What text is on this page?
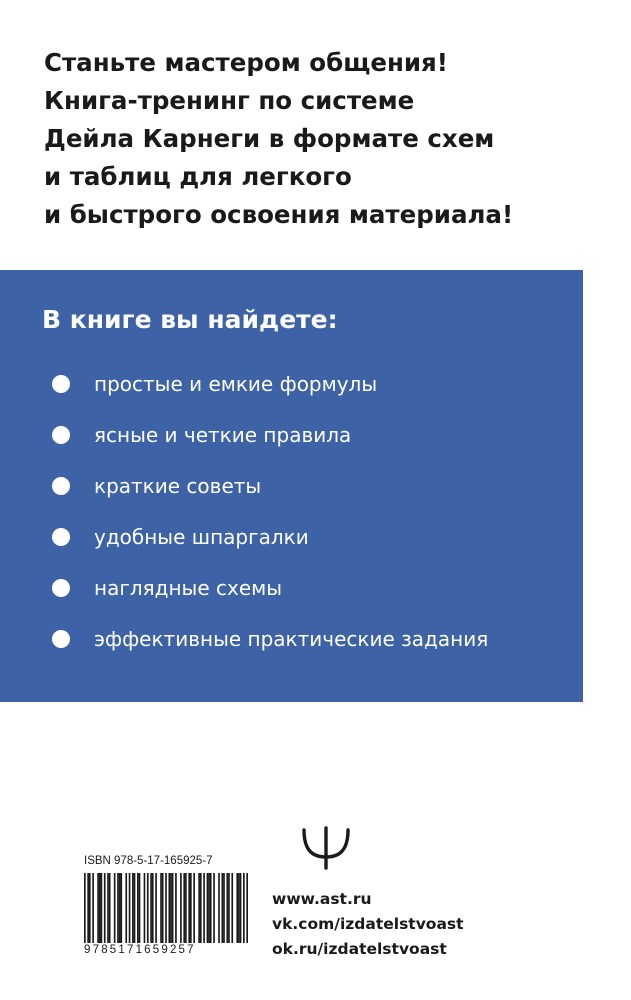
Станьте мастером общения!
Книга-тренинг по системе
Дейла Карнеги в формате схем
и таблиц для легкого
и быстрого освоения материала!
В книге вы найдете:
простые и емкие формулы
ясные и четкие правила
краткие советы
удобные шпаргалки
наглядные схемы
эффективные практические задания
ISBN 978-5-17-165925-7
9785171659257
www.ast.ru
vk.com/izdatelstvoast
ok.ru/izdatelstvoast
